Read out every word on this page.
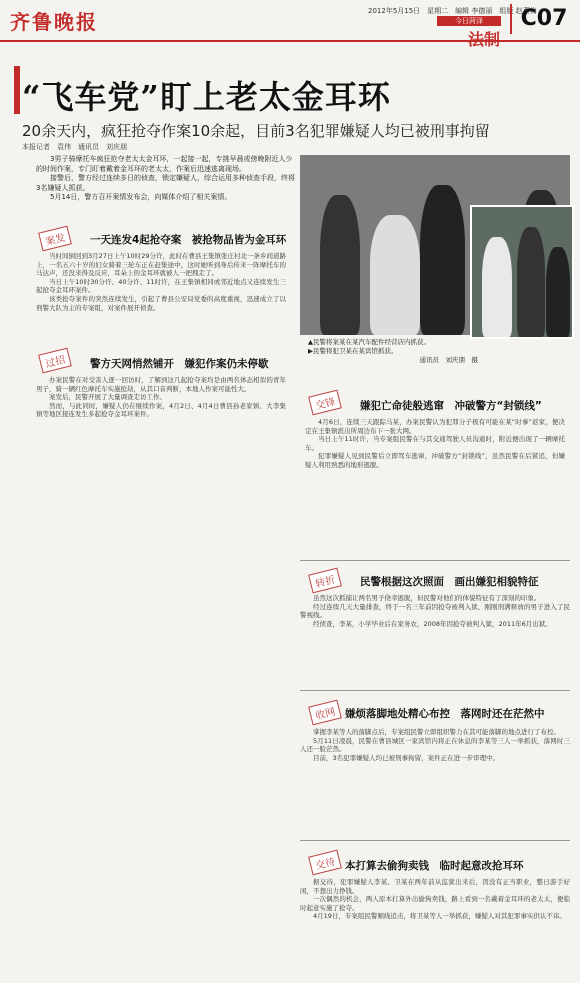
齐鲁晚报	2012年5月15日　星期二　编辑 李德丽　组版 赵燕梅
今日菏泽
法制
C07
“飞车党”盯上老太金耳环
20余天内，疯狂抢夺作案10余起，目前3名犯罪嫌疑人均已被刑事拘留
本报记者　袁伟　通讯员　刘庆朋

3男子骑摩托车疯狂抢夺老太太金耳环，一起接一起，专挑早晨或傍晚附近人少的时间作案，专门盯着戴着金耳环的老太太，作案后迅速逃离现场。

接警后，警方经过连续多日的侦查，锁定嫌疑人，综合运用多种侦查手段，终将3名嫌疑人抓获。

5月14日，警方召开案情发布会，向媒体介绍了相关案情。

▲民警将案某在某汽车配件经营店内抓获。
▶民警将犯卫某在某宾馆抓获。
通讯员　刘庆朋　摄
案发	一天连发4起抢夺案　被抢物品皆为金耳环

当时间倒回到3月27日上午10时29分许，此时在曹县王集镇张庄村北一条乡间道路上，一名五六十岁的妇女骑着三轮车正在赶集途中，这时她听到身后传来一阵摩托车的马达声，还没来得及反应，耳朵上的金耳环就被人一把拽走了。

当日上午10时30分许、40分许、11时许，在王集镇相同或邻近地点又连续发生三起抢夺金耳环案件。

该类抢夺案件的突然连续发生，引起了曹县公安局党委的高度重视，迅速成立了以刑警大队为主的专案组，对案件展开侦查。

过招	警方天网悄然铺开　嫌犯作案仍未停歇

办案民警在对受害人逐一回访时，了解到这几起抢夺案均是由两名体态相似的青年男子，骑一辆红色摩托车实施抢劫，从其口音判断，本地人作案可能性大。

案发后，民警开展了大量调查走访工作。

然而，与此同时，嫌疑人仍在继续作案，4月2日、4月4日曹县孙老家镇、大李集镇等地区接连发生多起抢夺金耳环案件。

交锋	嫌犯亡命徒般逃窜　冲破警方“封锁线”

4月6日，连续三天跟踪马某，办案民警认为犯罪分子极有可能在某“时事”返家，便决定在王集镇派出所周边布下一张大网。

当日上午11时许，当专案组民警在与其交通驾驶人员沟通时，附近便出现了一辆摩托车。

犯罪嫌疑人见到民警后立即驾车逃窜，冲破警方“封锁线”，虽然民警在后紧追，但嫌疑人利用熟悉的地形逃脱。

转折	民警根据这次照面　画出嫌犯相貌特征

虽然这次抓捕让两名男子侥幸逃脱，但民警对他们的体貌特征有了深刻的印象。

经过连续几天大量排查，终于一名三年前因抢夺被判入狱、刚刚刑满释放的男子进入了民警视线。

经侦查，李某，小学毕业后在家务农，2008年因抢夺被判入狱，2011年6月出狱。

收网 嫌烦落脚地处精心布控　落网时还在茫然中

掌握李某等人的落脚点后，专案组民警立即组织警力在其可能落脚的地点进行了布控。

5月11日凌晨，民警在曹县城区一家宾馆内将正在休息的李某等三人一举抓获，落网时三人还一脸茫然。

目前，3名犯罪嫌疑人均已被刑事拘留，案件正在进一步审理中。

交待 本打算去偷狗卖钱　临时起意改抢耳环

据交待，犯罪嫌疑人李某、卫某在两年前从监狱出来后，因没有正当职业，整日游手好闲，不想出力挣钱。

一次偶然的机会，两人原本打算外出偷狗卖钱，路上看到一名戴着金耳环的老太太，便临时起意实施了抢夺。

4月19日，专案组民警顺线追击，将卫某等人一举抓获，嫌疑人对其犯罪事实供认不讳。
